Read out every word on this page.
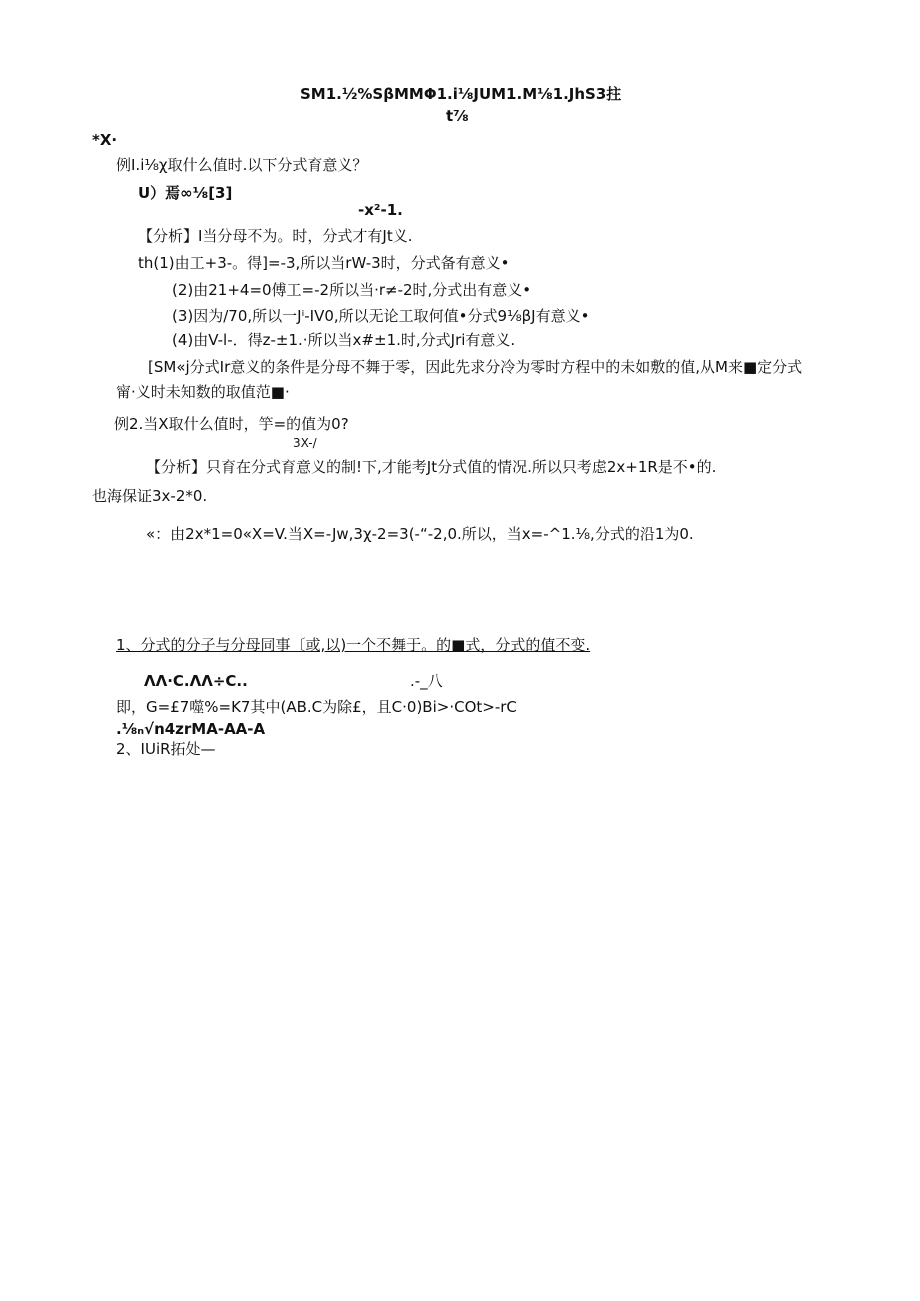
SM1.½%SβMMΦ1.i⅛JUM1.M⅛1.JhS3拄
t⅞
*X·
例I.i⅛χ取什么值时.以下分式育意义？
U）焉∞⅛[3]
-x²-1.
【分析】I当分母不为。时，分式才有Jt义.
th(1)由工+3-。得]=-3,所以当rW-3时，分式备有意义•
(2)由21+4=0傅工=-2所以当·r≠-2时,分式出有意义•
(3)因为/70,所以一Jⁱ-IV0,所以无论工取何值•分式9⅛βJ有意义•
(4)由V-l-．得z-±1.·所以当x#±1.时,分式Jri有意义.
[SM«j分式Ir意义的条件是分母不舞于零，因此先求分冷为零时方程中的未如敷的值,从M来■定分式
甯·义时未知数的取值范■·
例2.当X取什么值时，竽=的值为0?
3X-/
【分析】只育在分式育意义的制!下,才能考Jt分式值的情况.所以只考虑2x+1R是不•的.
也海保证3x-2*0.
«：由2x*1=0«X=V.当X=-Jw,3χ-2=3(-“-2,0.所以，当x=-^1.⅛,分式的沿1为0.
1、分式的分子与分母同事〔或,以)一个不舞于。的■式，分式的值不变.
ΛΛ·C.ΛΛ÷C..	.-_八
即，G=£7噬%=K7其中(AB.C为除£，且C·0)Bi>·COt>-rC
.⅛ₙ√n4zrMA-AA-A
2、IUiR拓处—
